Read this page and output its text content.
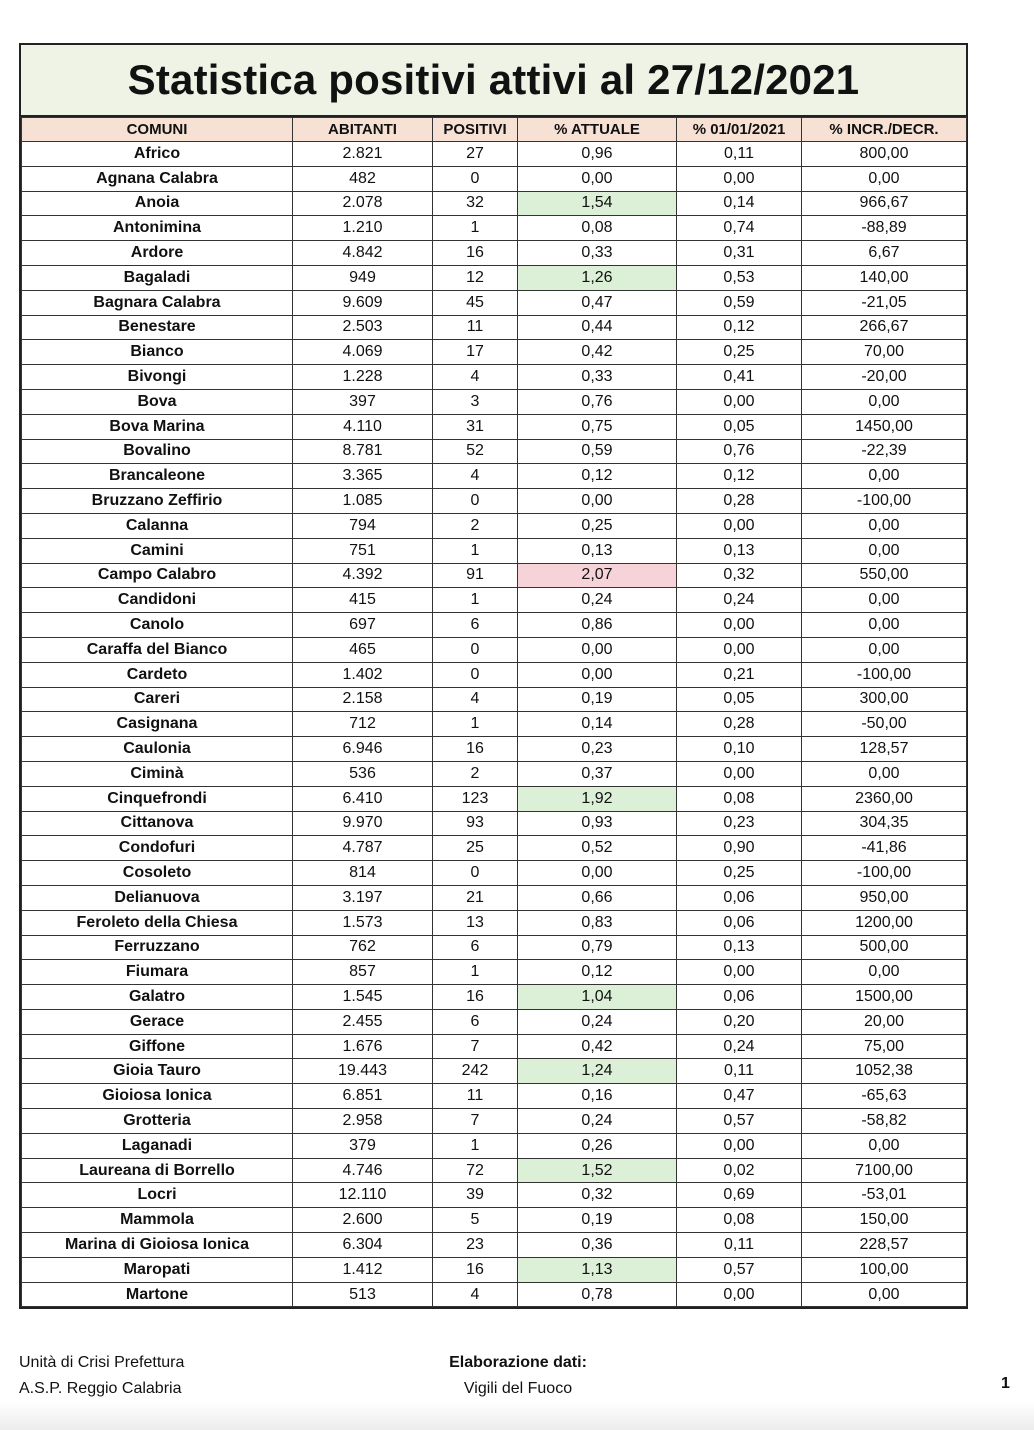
Statistica positivi attivi al 27/12/2021
COMUNI	ABITANTI	POSITIVI	% ATTUALE	% 01/01/2021	% INCR./DECR.
Africo	2.821	27	0,96	0,11	800,00
Agnana Calabra	482	0	0,00	0,00	0,00
Anoia	2.078	32	1,54	0,14	966,67
Antonimina	1.210	1	0,08	0,74	-88,89
Ardore	4.842	16	0,33	0,31	6,67
Bagaladi	949	12	1,26	0,53	140,00
Bagnara Calabra	9.609	45	0,47	0,59	-21,05
Benestare	2.503	11	0,44	0,12	266,67
Bianco	4.069	17	0,42	0,25	70,00
Bivongi	1.228	4	0,33	0,41	-20,00
Bova	397	3	0,76	0,00	0,00
Bova Marina	4.110	31	0,75	0,05	1450,00
Bovalino	8.781	52	0,59	0,76	-22,39
Brancaleone	3.365	4	0,12	0,12	0,00
Bruzzano Zeffirio	1.085	0	0,00	0,28	-100,00
Calanna	794	2	0,25	0,00	0,00
Camini	751	1	0,13	0,13	0,00
Campo Calabro	4.392	91	2,07	0,32	550,00
Candidoni	415	1	0,24	0,24	0,00
Canolo	697	6	0,86	0,00	0,00
Caraffa del Bianco	465	0	0,00	0,00	0,00
Cardeto	1.402	0	0,00	0,21	-100,00
Careri	2.158	4	0,19	0,05	300,00
Casignana	712	1	0,14	0,28	-50,00
Caulonia	6.946	16	0,23	0,10	128,57
Ciminà	536	2	0,37	0,00	0,00
Cinquefrondi	6.410	123	1,92	0,08	2360,00
Cittanova	9.970	93	0,93	0,23	304,35
Condofuri	4.787	25	0,52	0,90	-41,86
Cosoleto	814	0	0,00	0,25	-100,00
Delianuova	3.197	21	0,66	0,06	950,00
Feroleto della Chiesa	1.573	13	0,83	0,06	1200,00
Ferruzzano	762	6	0,79	0,13	500,00
Fiumara	857	1	0,12	0,00	0,00
Galatro	1.545	16	1,04	0,06	1500,00
Gerace	2.455	6	0,24	0,20	20,00
Giffone	1.676	7	0,42	0,24	75,00
Gioia Tauro	19.443	242	1,24	0,11	1052,38
Gioiosa Ionica	6.851	11	0,16	0,47	-65,63
Grotteria	2.958	7	0,24	0,57	-58,82
Laganadi	379	1	0,26	0,00	0,00
Laureana di Borrello	4.746	72	1,52	0,02	7100,00
Locri	12.110	39	0,32	0,69	-53,01
Mammola	2.600	5	0,19	0,08	150,00
Marina di Gioiosa Ionica	6.304	23	0,36	0,11	228,57
Maropati	1.412	16	1,13	0,57	100,00
Martone	513	4	0,78	0,00	0,00
Unità di Crisi Prefettura
A.S.P. Reggio Calabria
Elaborazione dati:
Vigili del Fuoco	1
